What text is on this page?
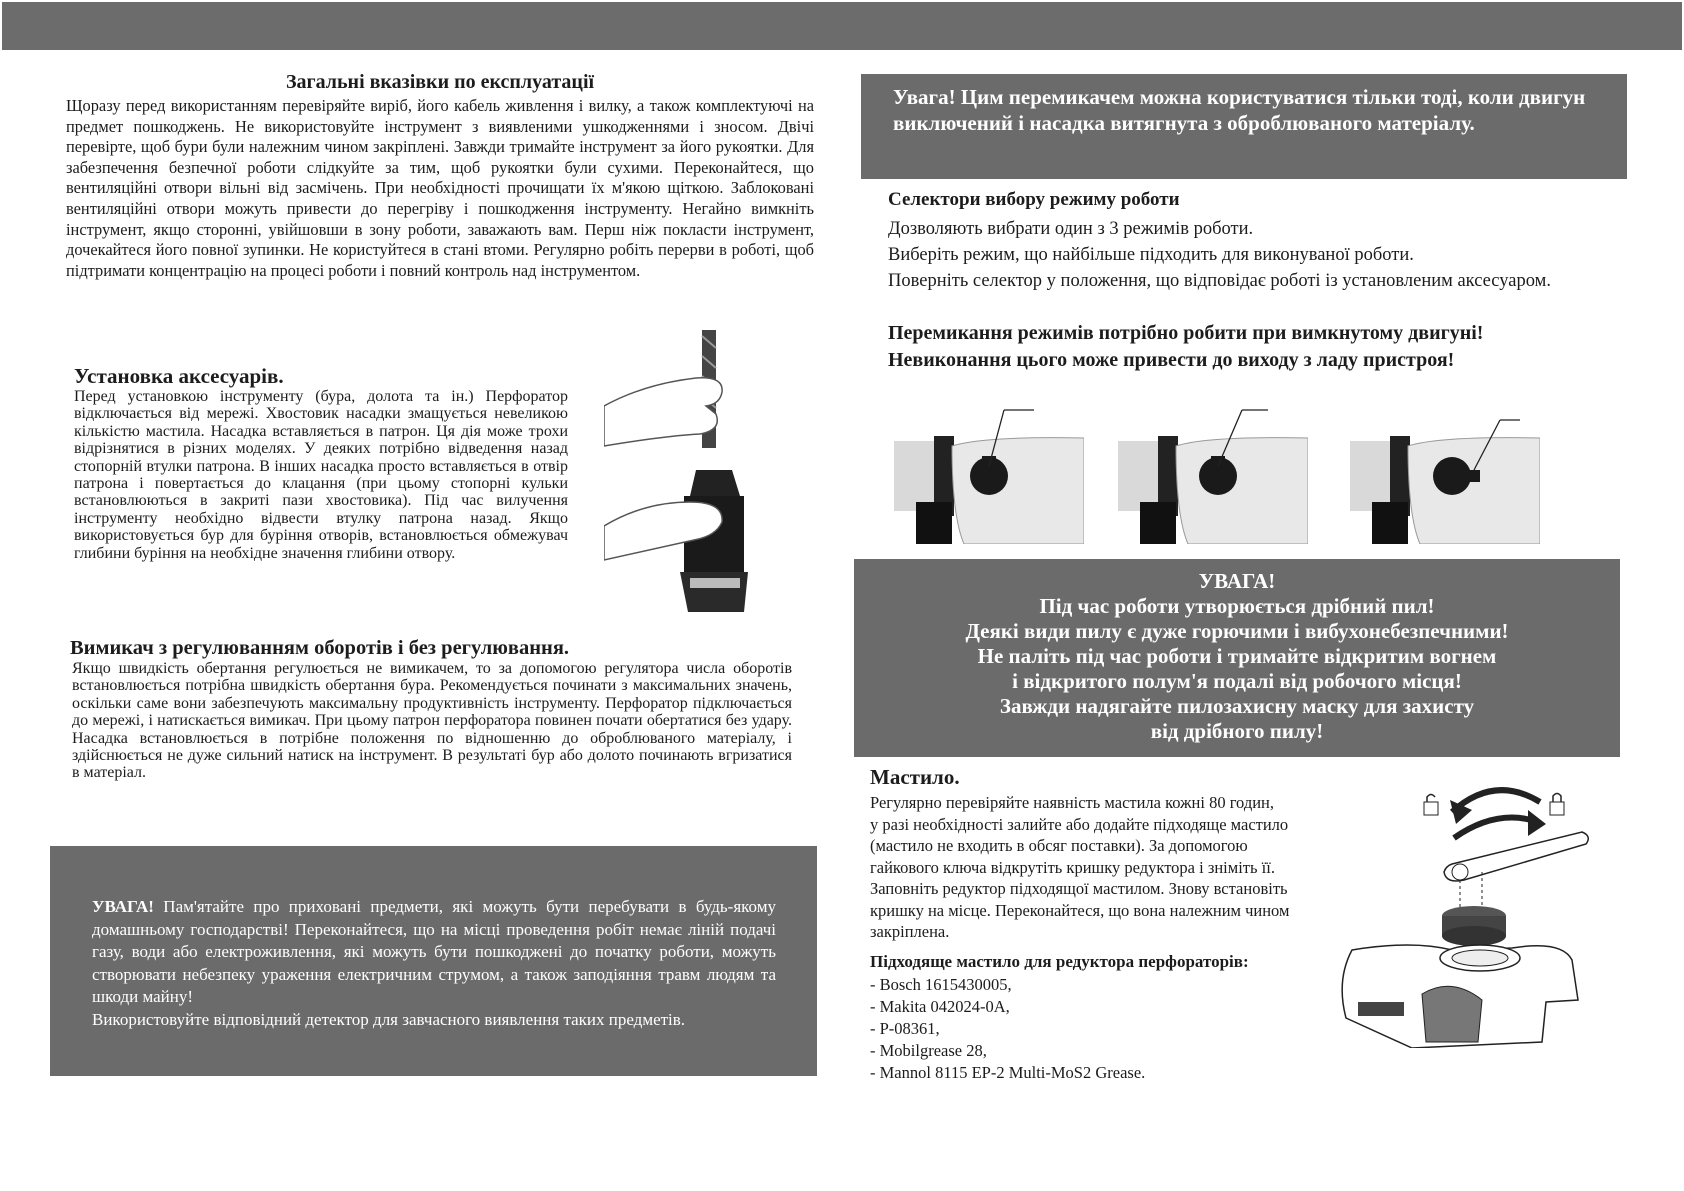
Загальні вказівки по експлуатації
Щоразу перед використанням перевіряйте виріб, його кабель живлення і вилку, а також комплектуючі на предмет пошкоджень. Не використовуйте інструмент з виявленими ушкодженнями і зносом. Двічі перевірте, щоб бури були належним чином закріплені. Завжди тримайте інструмент за його рукоятки. Для забезпечення безпечної роботи слідкуйте за тим, щоб рукоятки були сухими. Переконайтеся, що вентиляційні отвори вільні від засмічень. При необхідності прочищати їх м'якою щіткою. Заблоковані вентиляційні отвори можуть привести до перегріву і пошкодження інструменту. Негайно вимкніть інструмент, якщо сторонні, увійшовши в зону роботи, заважають вам. Перш ніж покласти інструмент, дочекайтеся його повної зупинки. Не користуйтеся в стані втоми. Регулярно робіть перерви в роботі, щоб підтримати концентрацію на процесі роботи і повний контроль над інструментом.
Установка аксесуарів.
Перед установкою інструменту (бура, долота та ін.) Перфоратор відключається від мережі. Хвостовик насадки змащується невеликою кількістю мастила. Насадка вставляється в патрон. Ця дія може трохи відрізнятися в різних моделях. У деяких потрібно відведення назад стопорній втулки патрона. В інших насадка просто вставляється в отвір патрона і повертається до клацання (при цьому стопорні кульки встановлюються в закриті пази хвостовика). Під час вилучення інструменту необхідно відвести втулку патрона назад. Якщо використовується бур для буріння отворів, встановлюється обмежувач глибини буріння на необхідне значення глибини отвору.
Вимикач з регулюванням оборотів і без регулювання.
Якщо швидкість обертання регулюється не вимикачем, то за допомогою регулятора числа оборотів встановлюється потрібна швидкість обертання бура. Рекомендується починати з максимальних значень, оскільки саме вони забезпечують максимальну продуктивність інструменту. Перфоратор підключається до мережі, і натискається вимикач. При цьому патрон перфоратора повинен почати обертатися без удару. Насадка встановлюється в потрібне положення по відношенню до оброблюваного матеріалу, і здійснюється не дуже сильний натиск на інструмент. В результаті бур або долото починають вгризатися в матеріал.
УВАГА! Пам'ятайте про приховані предмети, які можуть бути перебувати в будь-якому домашньому господарстві! Переконайтеся, що на місці проведення робіт немає ліній подачі газу, води або електроживлення, які можуть бути пошкоджені до початку роботи, можуть створювати небезпеку ураження електричним струмом, а також заподіяння травм людям та шкоди майну!
Використовуйте відповідний детектор для завчасного виявлення таких предметів.
Увага! Цим перемикачем можна користуватися тільки тоді, коли двигун виключений і насадка витягнута з оброблюваного матеріалу.
Селектори вибору режиму роботи

Дозволяють вибрати один з 3 режимів роботи.

Виберіть режим, що найбільше підходить для виконуваної роботи.

Поверніть селектор у положення, що відповідає роботі із установленим аксесуаром.

Перемикання режимів потрібно робити при вимкнутому двигуні!

Невиконання цього може привести до виходу з ладу пристроя!

УВАГА!

Під час роботи утворюється дрібний пил!

Деякі види пилу є дуже горючими і вибухонебезпечними!

Не паліть під час роботи і тримайте відкритим вогнем

і відкритого полум'я подалі від робочого місця!

Завжди надягайте пилозахисну маску для захисту

від дрібного пилу!

Мастило.

Регулярно перевіряйте наявність мастила кожні 80 годин,

у разі необхідності залийте або додайте підходяще мастило

(мастило не входить в обсяг поставки). За допомогою

гайкового ключа відкрутіть кришку редуктора і зніміть її.

Заповніть редуктор підходящої мастилом. Знову встановіть

кришку на місце. Переконайтеся, що вона належним чином

закріплена.

Підходяще мастило для редуктора перфораторів:

- Bosch 1615430005,

- Makita 042024-0A,

- P-08361,

- Mobilgrease 28,

- Mannol 8115 EP-2 Multi-MoS2 Grease.
